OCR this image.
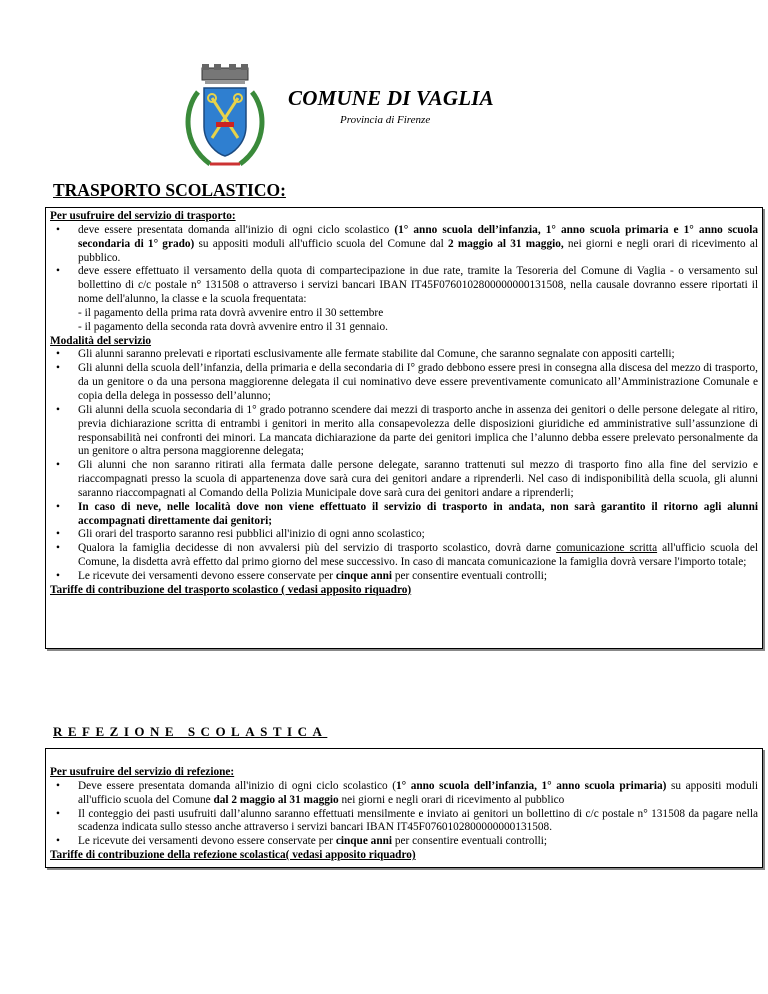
COMUNE DI VAGLIA
Provincia di Firenze
TRASPORTO SCOLASTICO:
Per usufruire del servizio di trasporto:
• deve essere presentata domanda all'inizio di ogni ciclo scolastico (1° anno scuola dell’infanzia, 1° anno scuola primaria e 1° anno scuola secondaria di 1° grado) su appositi moduli all'ufficio scuola del Comune dal 2 maggio al 31 maggio, nei giorni e negli orari di ricevimento al pubblico.
• deve essere effettuato il versamento della quota di compartecipazione in due rate, tramite la Tesoreria del Comune di Vaglia - o versamento sul bollettino di c/c postale n° 131508 o attraverso i servizi bancari IBAN IT45F0760102800000000131508, nella causale dovranno essere riportati il nome dell'alunno, la classe e la scuola frequentata:
- il pagamento della prima rata dovrà avvenire entro il 30 settembre
- il pagamento della seconda rata dovrà avvenire entro il 31 gennaio.
Modalità del servizio
• Gli alunni saranno prelevati e riportati esclusivamente alle fermate stabilite dal Comune, che saranno segnalate con appositi cartelli;
• Gli alunni della scuola dell’infanzia, della primaria e della secondaria di I° grado debbono essere presi in consegna alla discesa del mezzo di trasporto, da un genitore o da una persona maggiorenne delegata il cui nominativo deve essere preventivamente comunicato all’Amministrazione Comunale e copia della delega in possesso dell’alunno;
• Gli alunni della scuola secondaria di 1° grado potranno scendere dai mezzi di trasporto anche in assenza dei genitori o delle persone delegate al ritiro, previa dichiarazione scritta di entrambi i genitori in merito alla consapevolezza delle disposizioni giuridiche ed amministrative sull’assunzione di responsabilità nei confronti dei minori. La mancata dichiarazione da parte dei genitori implica che l’alunno debba essere prelevato personalmente da un genitore o altra persona maggiorenne delegata;
• Gli alunni che non saranno ritirati alla fermata dalle persone delegate, saranno trattenuti sul mezzo di trasporto fino alla fine del servizio e riaccompagnati presso la scuola di appartenenza dove sarà cura dei genitori andare a riprenderli. Nel caso di indisponibilità della scuola, gli alunni saranno riaccompagnati al Comando della Polizia Municipale dove sarà cura dei genitori andare a riprenderli;
• In caso di neve, nelle località dove non viene effettuato il servizio di trasporto in andata, non sarà garantito il ritorno agli alunni accompagnati direttamente dai genitori;
• Gli orari del trasporto saranno resi pubblici all'inizio di ogni anno scolastico;
• Qualora la famiglia decidesse di non avvalersi più del servizio di trasporto scolastico, dovrà darne comunicazione scritta all'ufficio scuola del Comune, la disdetta avrà effetto dal primo giorno del mese successivo. In caso di mancata comunicazione la famiglia dovrà versare l'importo totale;
• Le ricevute dei versamenti devono essere conservate per cinque anni per consentire eventuali controlli;
Tariffe di contribuzione del trasporto scolastico ( vedasi apposito riquadro)
REFEZIONE SCOLASTICA
Per usufruire del servizio di refezione:
• Deve essere presentata domanda all'inizio di ogni ciclo scolastico (1° anno scuola dell’infanzia, 1° anno scuola primaria) su appositi moduli all'ufficio scuola del Comune dal 2 maggio al 31 maggio nei giorni e negli orari di ricevimento al pubblico
• Il conteggio dei pasti usufruiti dall’alunno saranno effettuati mensilmente e inviato ai genitori un bollettino di c/c postale n° 131508 da pagare nella scadenza indicata sullo stesso anche attraverso i servizi bancari IBAN IT45F0760102800000000131508.
• Le ricevute dei versamenti devono essere conservate per cinque anni per consentire eventuali controlli;
Tariffe di contribuzione della refezione scolastica( vedasi apposito riquadro)
